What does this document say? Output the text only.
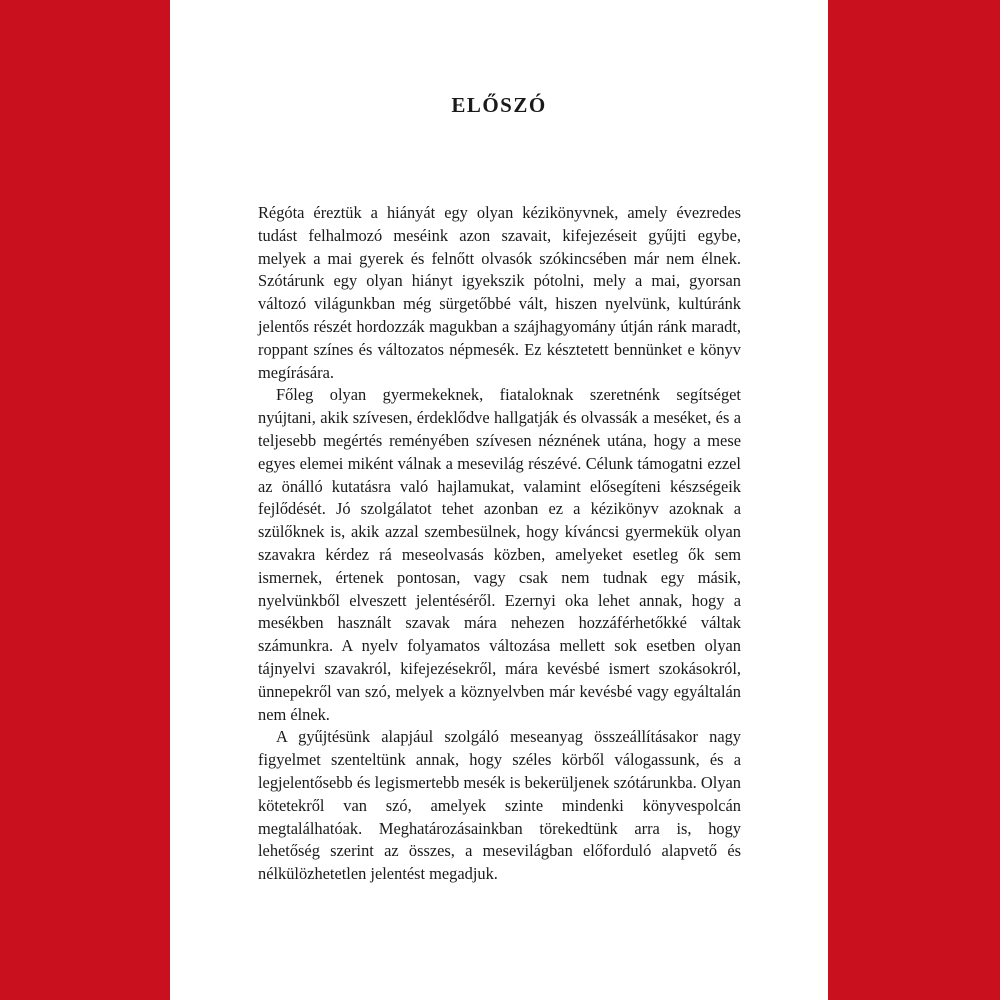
ELŐSZÓ

Régóta éreztük a hiányát egy olyan kézikönyvnek, amely évezredes tudást felhalmozó meséink azon szavait, kifejezéseit gyűjti egybe, melyek a mai gyerek és felnőtt olvasók szókincsében már nem élnek. Szótárunk egy olyan hiányt igyekszik pótolni, mely a mai, gyorsan változó világunkban még sürgetőbbé vált, hiszen nyelvünk, kultúránk jelentős részét hordozzák magukban a szájhagyomány útján ránk maradt, roppant színes és változatos népmesék. Ez késztetett bennünket e könyv megírására.

Főleg olyan gyermekeknek, fiataloknak szeretnénk segítséget nyújtani, akik szívesen, érdeklődve hallgatják és olvassák a meséket, és a teljesebb megértés reményében szívesen néznének utána, hogy a mese egyes elemei miként válnak a mesevilág részévé. Célunk támogatni ezzel az önálló kutatásra való hajlamukat, valamint elősegíteni készségeik fejlődését. Jó szolgálatot tehet azonban ez a kézikönyv azoknak a szülőknek is, akik azzal szembesülnek, hogy kíváncsi gyermekük olyan szavakra kérdez rá meseolvasás közben, amelyeket esetleg ők sem ismernek, értenek pontosan, vagy csak nem tudnak egy másik, nyelvünkből elveszett jelentéséről. Ezernyi oka lehet annak, hogy a mesékben használt szavak mára nehezen hozzáférhetőkké váltak számunkra. A nyelv folyamatos változása mellett sok esetben olyan tájnyelvi szavakról, kifejezésekről, mára kevésbé ismert szokásokról, ünnepekről van szó, melyek a köznyelvben már kevésbé vagy egyáltalán nem élnek.

A gyűjtésünk alapjául szolgáló meseanyag összeállításakor nagy figyelmet szenteltünk annak, hogy széles körből válogassunk, és a legjelentősebb és legismertebb mesék is bekerüljenek szótárunkba. Olyan kötetekről van szó, amelyek szinte mindenki könyvespolcán megtalálhatóak. Meghatározásainkban törekedtünk arra is, hogy lehetőség szerint az összes, a mesevilágban előforduló alapvető és nélkülözhetetlen jelentést megadjuk.
